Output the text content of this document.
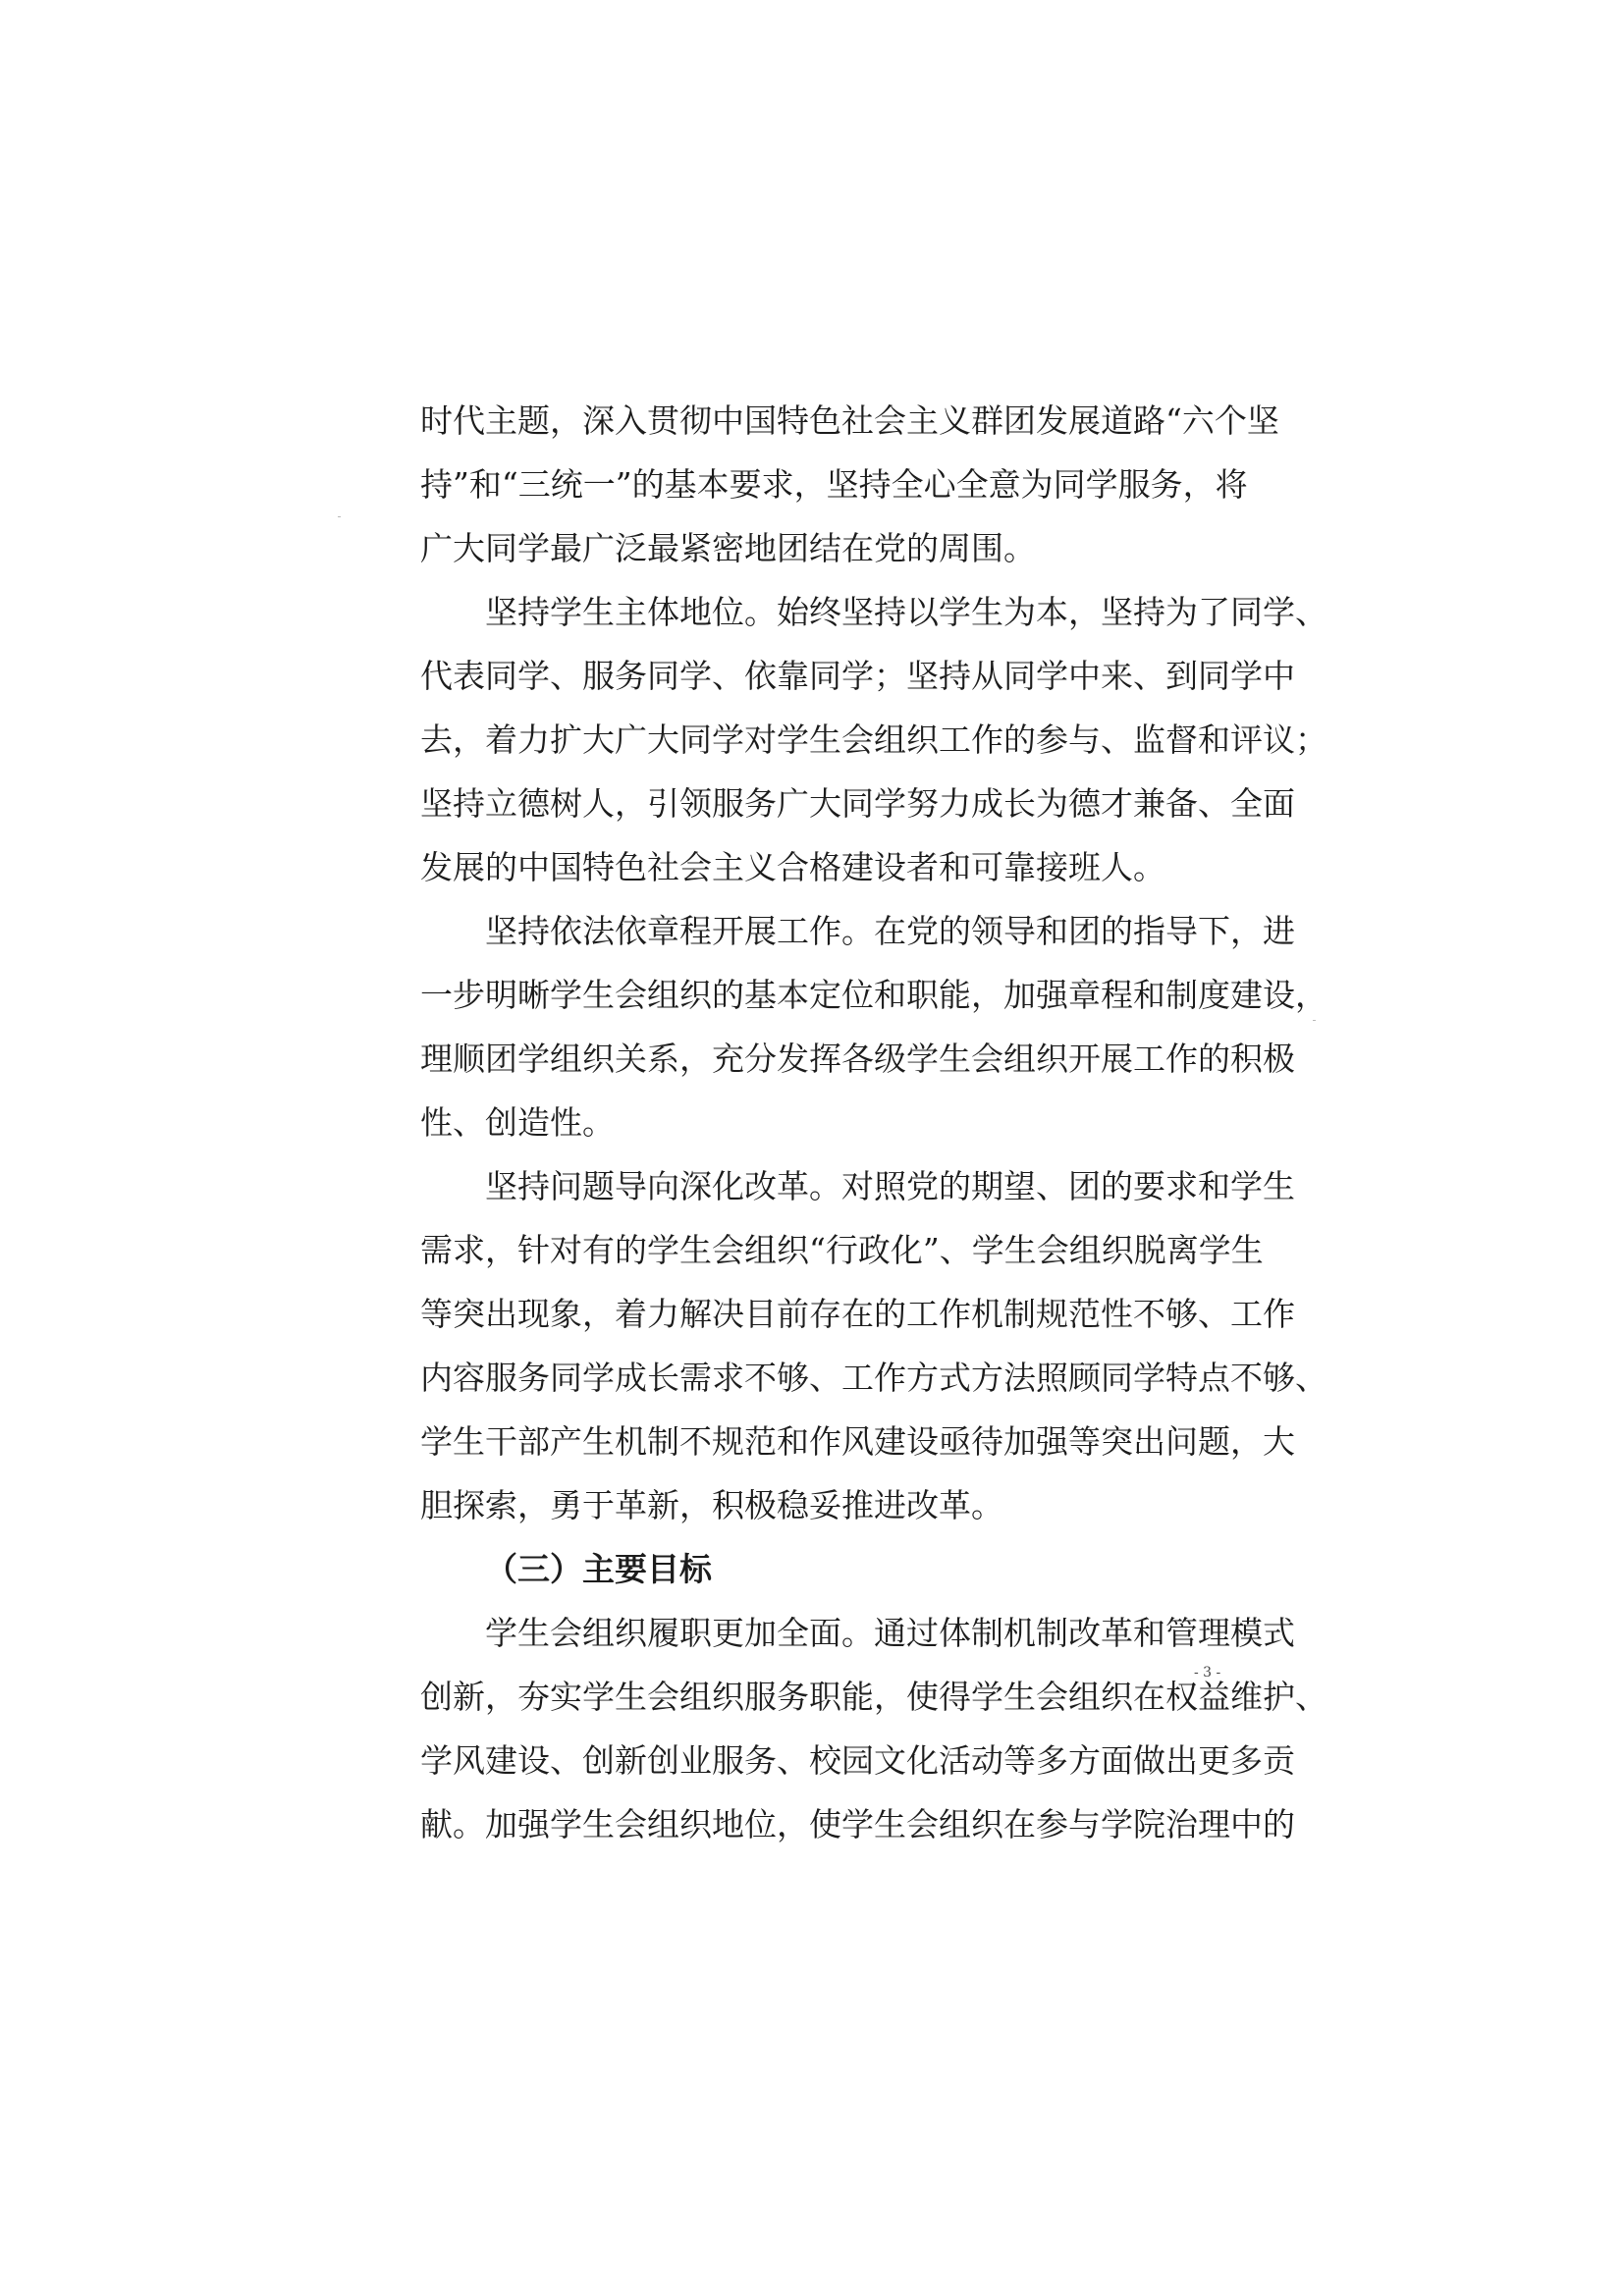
时代主题，深入贯彻中国特色社会主义群团发展道路“六个坚
持”和“三统一”的基本要求，坚持全心全意为同学服务，将
广大同学最广泛最紧密地团结在党的周围。
坚持学生主体地位。始终坚持以学生为本，坚持为了同学、
代表同学、服务同学、依靠同学；坚持从同学中来、到同学中
去，着力扩大广大同学对学生会组织工作的参与、监督和评议；
坚持立德树人，引领服务广大同学努力成长为德才兼备、全面
发展的中国特色社会主义合格建设者和可靠接班人。
坚持依法依章程开展工作。在党的领导和团的指导下，进
一步明晰学生会组织的基本定位和职能，加强章程和制度建设，
理顺团学组织关系，充分发挥各级学生会组织开展工作的积极
性、创造性。
坚持问题导向深化改革。对照党的期望、团的要求和学生
需求，针对有的学生会组织“行政化”、学生会组织脱离学生
等突出现象，着力解决目前存在的工作机制规范性不够、工作
内容服务同学成长需求不够、工作方式方法照顾同学特点不够、
学生干部产生机制不规范和作风建设亟待加强等突出问题，大
胆探索，勇于革新，积极稳妥推进改革。
（三）主要目标
学生会组织履职更加全面。通过体制机制改革和管理模式
创新，夯实学生会组织服务职能，使得学生会组织在权益维护、
学风建设、创新创业服务、校园文化活动等多方面做出更多贡
献。加强学生会组织地位，使学生会组织在参与学院治理中的
- 3 -
